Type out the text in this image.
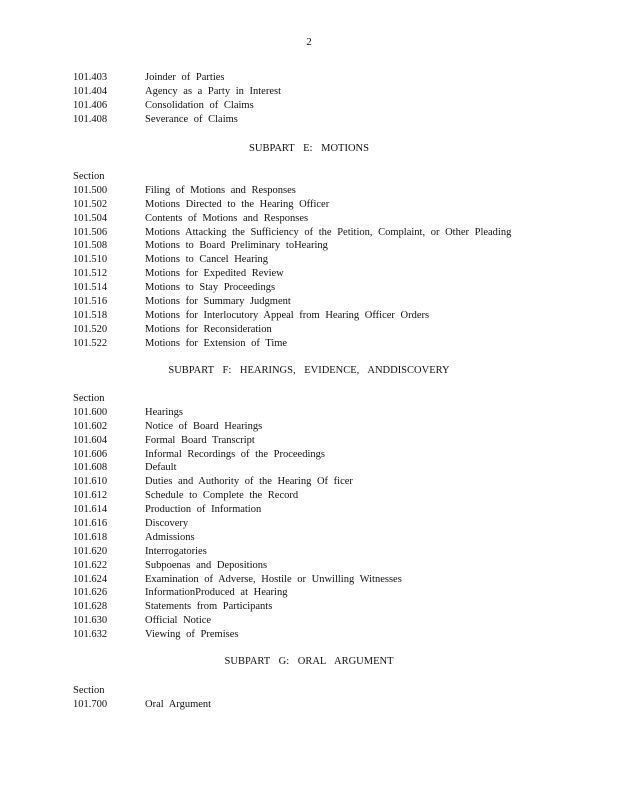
2
101.403	Joinder of Parties
101.404	Agency as a Party in Interest
101.406	Consolidation of Claims
101.408	Severance of Claims
SUBPART E: MOTIONS
Section
101.500	Filing of Motions and Responses
101.502	Motions Directed to the Hearing Officer
101.504	Contents of Motions and Responses
101.506	Motions Attacking the Sufficiency of the Petition, Complaint, or Other Pleading
101.508	Motions to Board Preliminary toHearing
101.510	Motions to Cancel Hearing
101.512	Motions for Expedited Review
101.514	Motions to Stay Proceedings
101.516	Motions for Summary Judgment
101.518	Motions for Interlocutory Appeal from Hearing Officer Orders
101.520	Motions for Reconsideration
101.522	Motions for Extension of Time
SUBPART F: HEARINGS, EVIDENCE, ANDDISCOVERY
Section
101.600	Hearings
101.602	Notice of Board Hearings
101.604	Formal Board Transcript
101.606	Informal Recordings of the Proceedings
101.608	Default
101.610	Duties and Authority of the Hearing Of ficer
101.612	Schedule to Complete the Record
101.614	Production of Information
101.616	Discovery
101.618	Admissions
101.620	Interrogatories
101.622	Subpoenas and Depositions
101.624	Examination of Adverse, Hostile or Unwilling Witnesses
101.626	InformationProduced at Hearing
101.628	Statements from Participants
101.630	Official Notice
101.632	Viewing of Premises
SUBPART G: ORAL ARGUMENT
Section
101.700	Oral Argument
